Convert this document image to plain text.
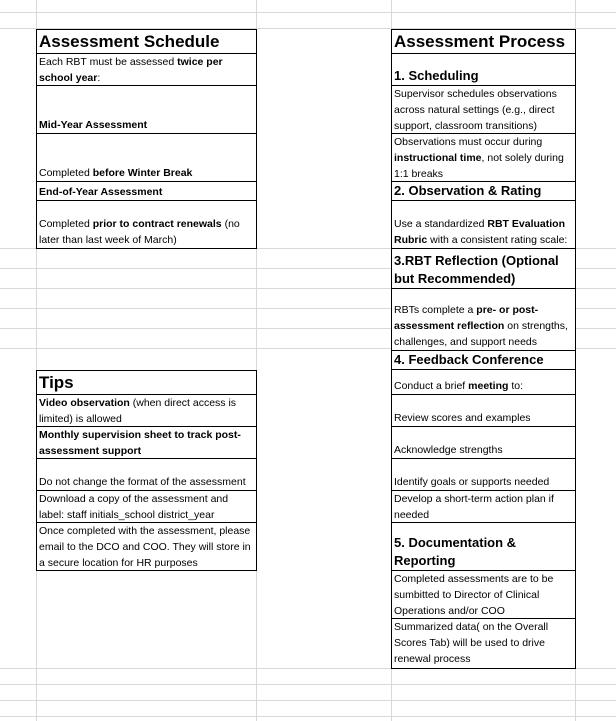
Assessment Schedule
Each RBT must be assessed twice per school year:
Mid-Year Assessment
Completed before Winter Break
End-of-Year Assessment
Completed prior to contract renewals (no later than last week of March)
Tips
Video observation (when direct access is limited) is allowed
Monthly supervision sheet to track post-assessment support
Do not change the format of the assessment
Download a copy of the assessment and label: staff initials_school district_year
Once completed with the assessment, please email to the DCO and COO. They will store in a secure location for HR purposes
Assessment Process
1. Scheduling
Supervisor schedules observations across natural settings (e.g., direct support, classroom transitions)
Observations must occur during instructional time, not solely during 1:1 breaks
2. Observation & Rating
Use a standardized RBT Evaluation Rubric with a consistent rating scale:
3.RBT Reflection (Optional but Recommended)
RBTs complete a pre- or post-assessment reflection on strengths, challenges, and support needs
4. Feedback Conference
Conduct a brief meeting to:
Review scores and examples
Acknowledge strengths
Identify goals or supports needed
Develop a short-term action plan if needed
5. Documentation & Reporting
Completed assessments are to be sumbitted to Director of Clinical Operations and/or COO
Summarized data( on the Overall Scores Tab) will be used to drive renewal process
